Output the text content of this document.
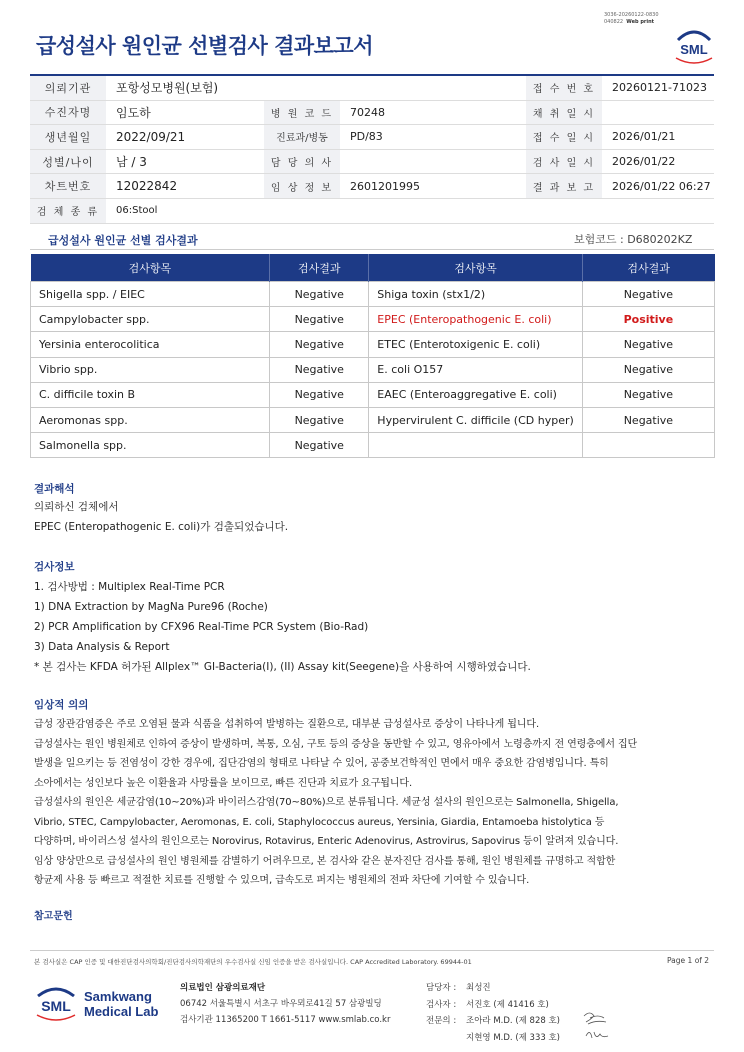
3036-20260122-0830
040822 Web print
급성설사 원인균 선별검사 결과보고서	SML
의뢰기관	포항성모병원(보험)				접 수 번 호	20260121-71023
수진자명	임도하	병 원 코 드	70248		채 취 일 시	
생년월일	2022/09/21	진료과/병동	PD/83		접 수 일 시	2026/01/21
성별/나이	남 / 3	담 당 의 사			검 사 일 시	2026/01/22
차트번호	12022842	임 상 정 보	2601201995		결 과 보 고	2026/01/22 06:27
검 체 종 류	06:Stool					
급성설사 원인균 선별 검사결과	보험코드 : D680202KZ
검사항목	검사결과	검사항목	검사결과
Shigella spp. / EIEC	Negative	Shiga toxin (stx1/2)	Negative
Campylobacter spp.	Negative	EPEC (Enteropathogenic E. coli)	Positive
Yersinia enterocolitica	Negative	ETEC (Enterotoxigenic E. coli)	Negative
Vibrio spp.	Negative	E. coli O157	Negative
C. difficile toxin B	Negative	EAEC (Enteroaggregative E. coli)	Negative
Aeromonas spp.	Negative	Hypervirulent C. difficile (CD hyper)	Negative
Salmonella spp.	Negative		
결과해석
의뢰하신 검체에서
EPEC (Enteropathogenic E. coli)가 검출되었습니다.
검사정보
1. 검사방법 : Multiplex Real-Time PCR
1) DNA Extraction by MagNa Pure96 (Roche)
2) PCR Amplification by CFX96 Real-Time PCR System (Bio-Rad)
3) Data Analysis & Report
* 본 검사는 KFDA 허가된 Allplex™ GI-Bacteria(I), (II) Assay kit(Seegene)을 사용하여 시행하였습니다.
임상적 의의
급성 장관감염증은 주로 오염된 물과 식품을 섭취하여 발병하는 질환으로, 대부분 급성설사로 증상이 나타나게 됩니다.
급성설사는 원인 병원체로 인하여 증상이 발생하며, 복통, 오심, 구토 등의 증상을 동반할 수 있고, 영유아에서 노령층까지 전 연령층에서 집단
발생을 일으키는 등 전염성이 강한 경우에, 집단감염의 형태로 나타날 수 있어, 공중보건학적인 면에서 매우 중요한 감염병입니다. 특히
소아에서는 성인보다 높은 이환율과 사망률을 보이므로, 빠른 진단과 치료가 요구됩니다.
급성설사의 원인은 세균감염(10~20%)과 바이러스감염(70~80%)으로 분류됩니다. 세균성 설사의 원인으로는 Salmonella, Shigella,
Vibrio, STEC, Campylobacter, Aeromonas, E. coli, Staphylococcus aureus, Yersinia, Giardia, Entamoeba histolytica 등
다양하며, 바이러스성 설사의 원인으로는 Norovirus, Rotavirus, Enteric Adenovirus, Astrovirus, Sapovirus 등이 알려져 있습니다.
임상 양상만으로 급성설사의 원인 병원체를 감별하기 어려우므로, 본 검사와 같은 분자진단 검사를 통해, 원인 병원체를 규명하고 적합한
항균제 사용 등 빠르고 적절한 치료를 진행할 수 있으며, 급속도로 퍼지는 병원체의 전파 차단에 기여할 수 있습니다.
참고문헌
본 검사실은 CAP 인증 및 대한진단검사의학회/진단검사의학재단의 우수검사실 신임 인증을 받은 검사실입니다. CAP Accredited Laboratory. 69944-01	Page 1 of 2
SML
Samkwang
Medical Lab
의료법인 삼광의료재단
06742 서울특별시 서초구 바우뫼로41길 57 삼광빌딩
검사기관 11365200 T 1661-5117 www.smlab.co.kr
담당자 : 최성진
검사자 : 서진호 (제 41416 호)
전문의 : 조아라 M.D. (제 828 호)
지현영 M.D. (제 333 호)
